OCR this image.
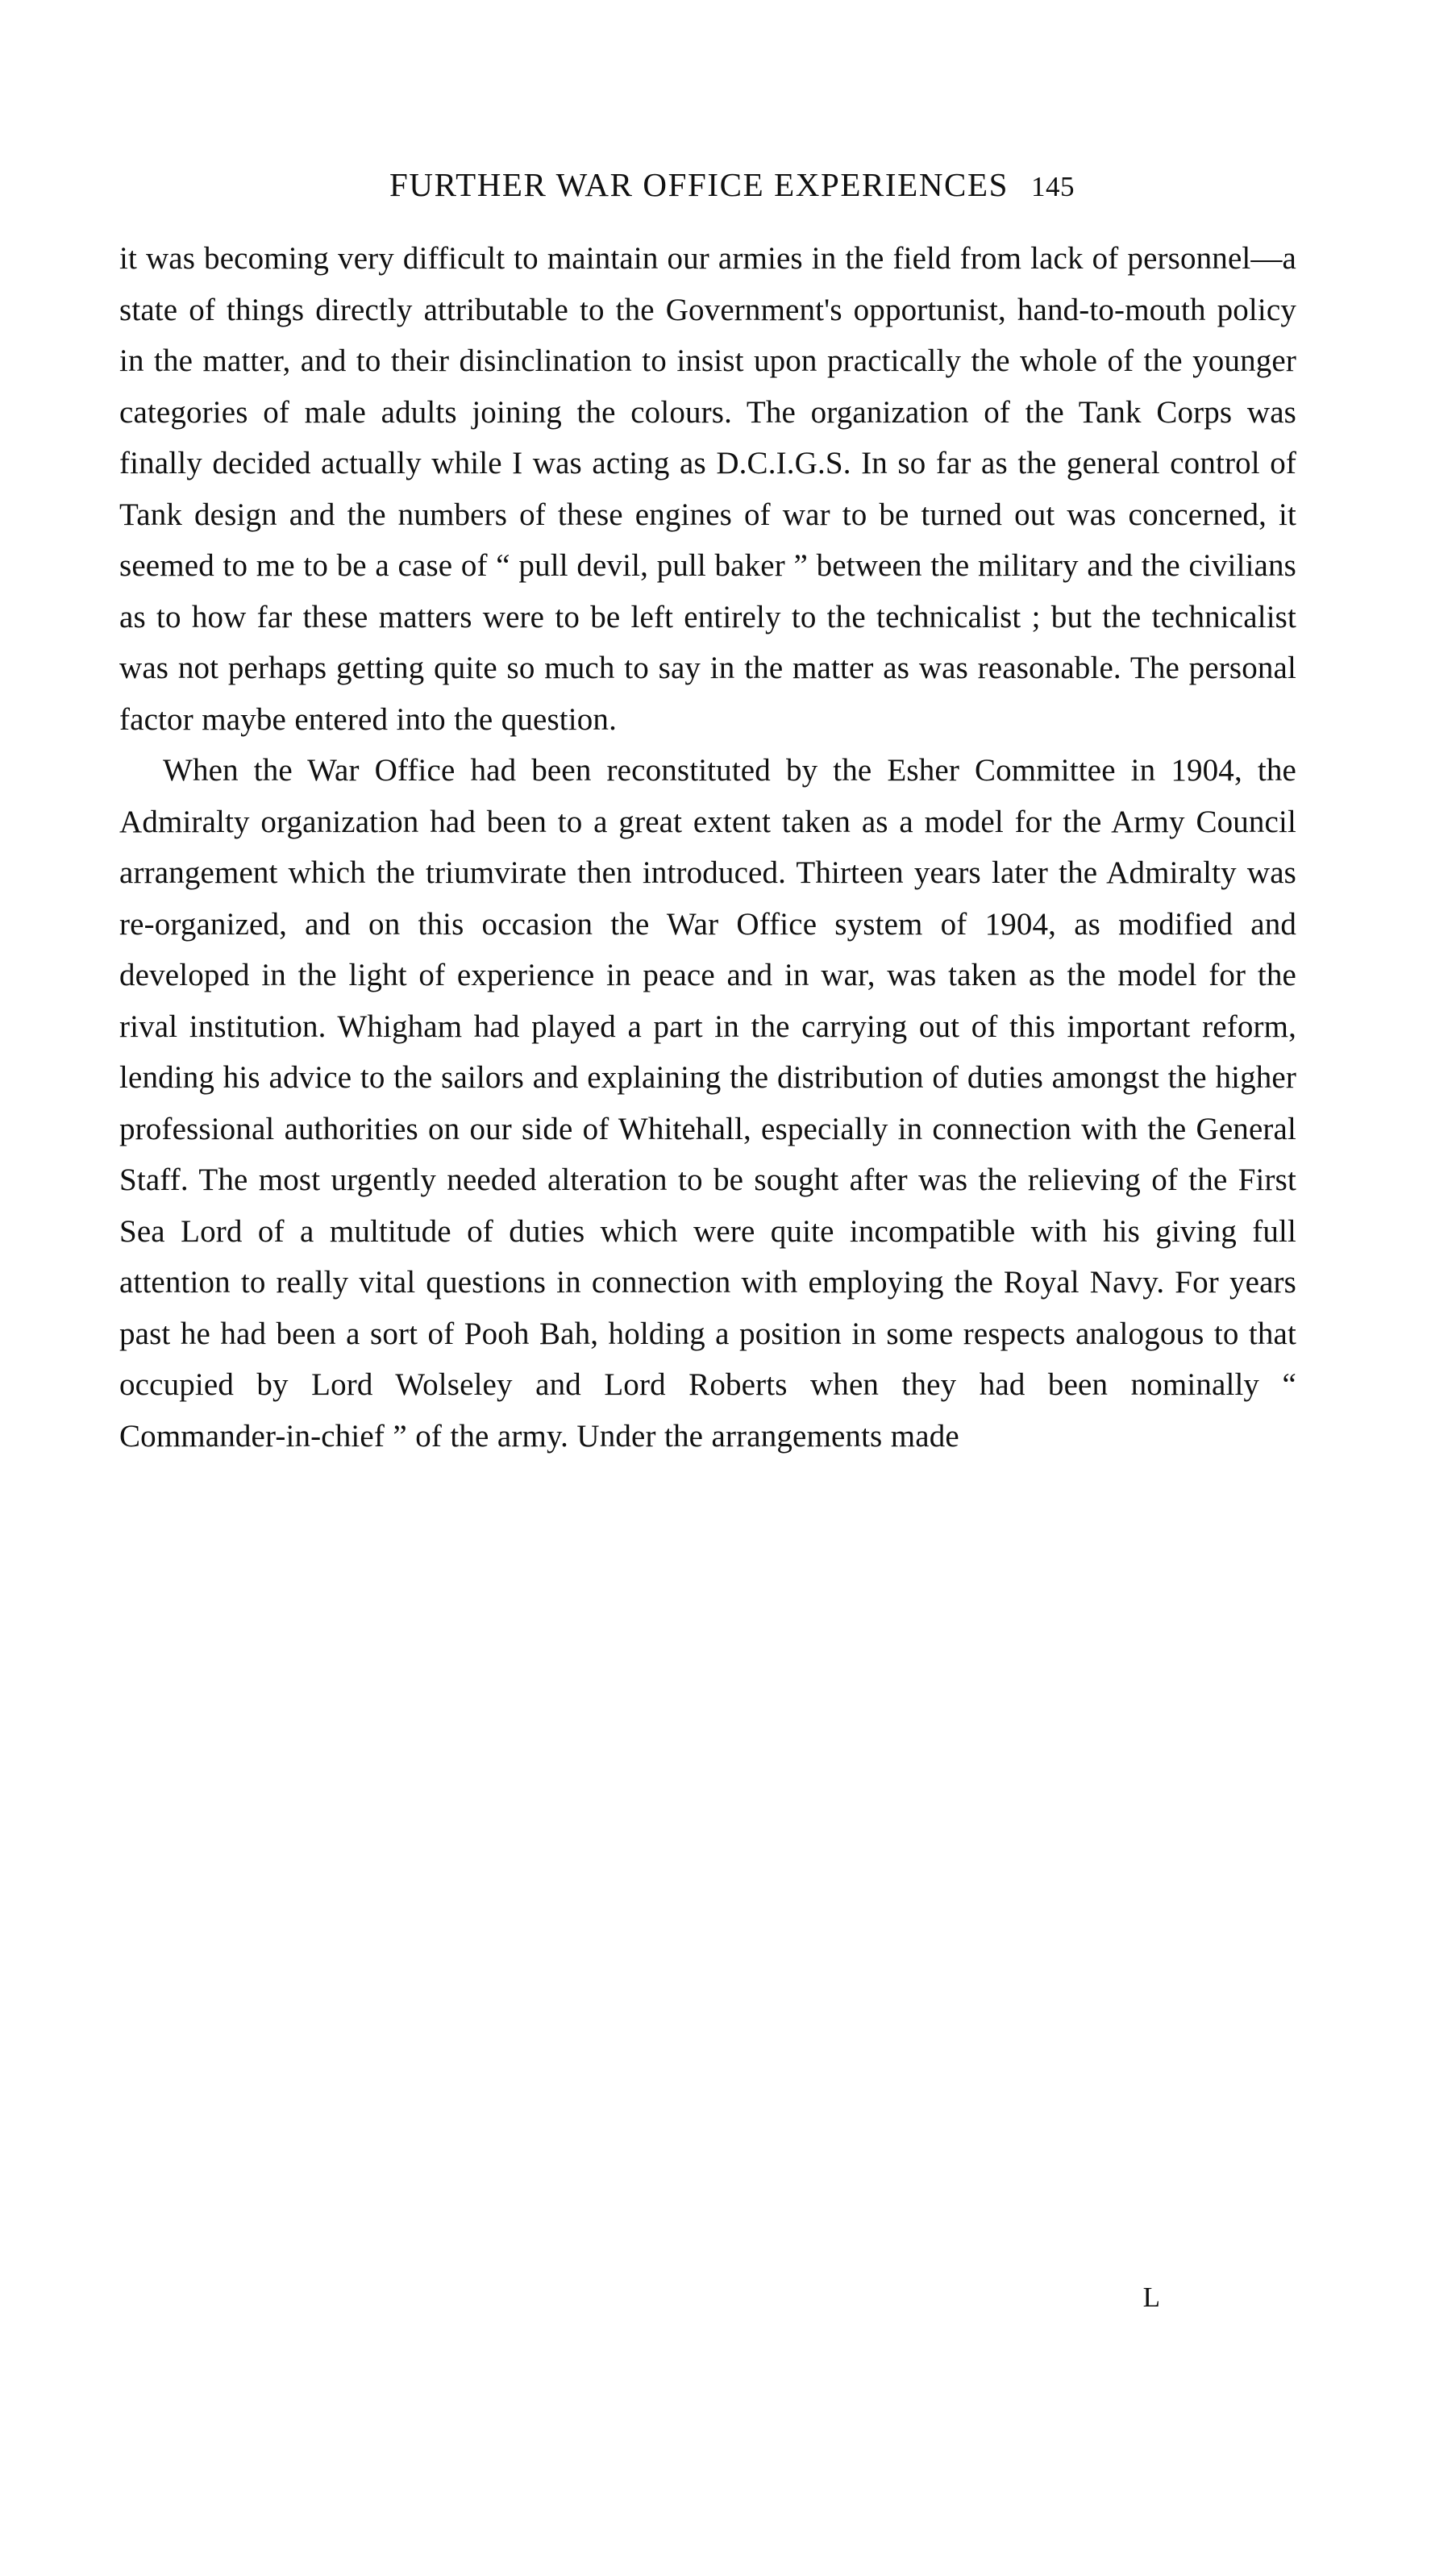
FURTHER WAR OFFICE EXPERIENCES 145

it was becoming very difficult to maintain our armies in the field from lack of personnel—a state of things directly attributable to the Government's opportunist, hand-to-mouth policy in the matter, and to their disinclination to insist upon practically the whole of the younger categories of male adults joining the colours. The organization of the Tank Corps was finally decided actually while I was acting as D.C.I.G.S. In so far as the general control of Tank design and the numbers of these engines of war to be turned out was concerned, it seemed to me to be a case of “ pull devil, pull baker ” between the military and the civilians as to how far these matters were to be left entirely to the technicalist ; but the technicalist was not perhaps getting quite so much to say in the matter as was reasonable. The personal factor maybe entered into the question.

When the War Office had been reconstituted by the Esher Committee in 1904, the Admiralty organization had been to a great extent taken as a model for the Army Council arrangement which the triumvirate then introduced. Thirteen years later the Admiralty was re-organized, and on this occasion the War Office system of 1904, as modified and developed in the light of experience in peace and in war, was taken as the model for the rival institution. Whigham had played a part in the carrying out of this important reform, lending his advice to the sailors and explaining the distribution of duties amongst the higher professional authorities on our side of Whitehall, especially in connection with the General Staff. The most urgently needed alteration to be sought after was the relieving of the First Sea Lord of a multitude of duties which were quite incompatible with his giving full attention to really vital questions in connection with employing the Royal Navy. For years past he had been a sort of Pooh Bah, holding a position in some respects analogous to that occupied by Lord Wolseley and Lord Roberts when they had been nominally “ Commander-in-chief ” of the army. Under the arrangements made

L
